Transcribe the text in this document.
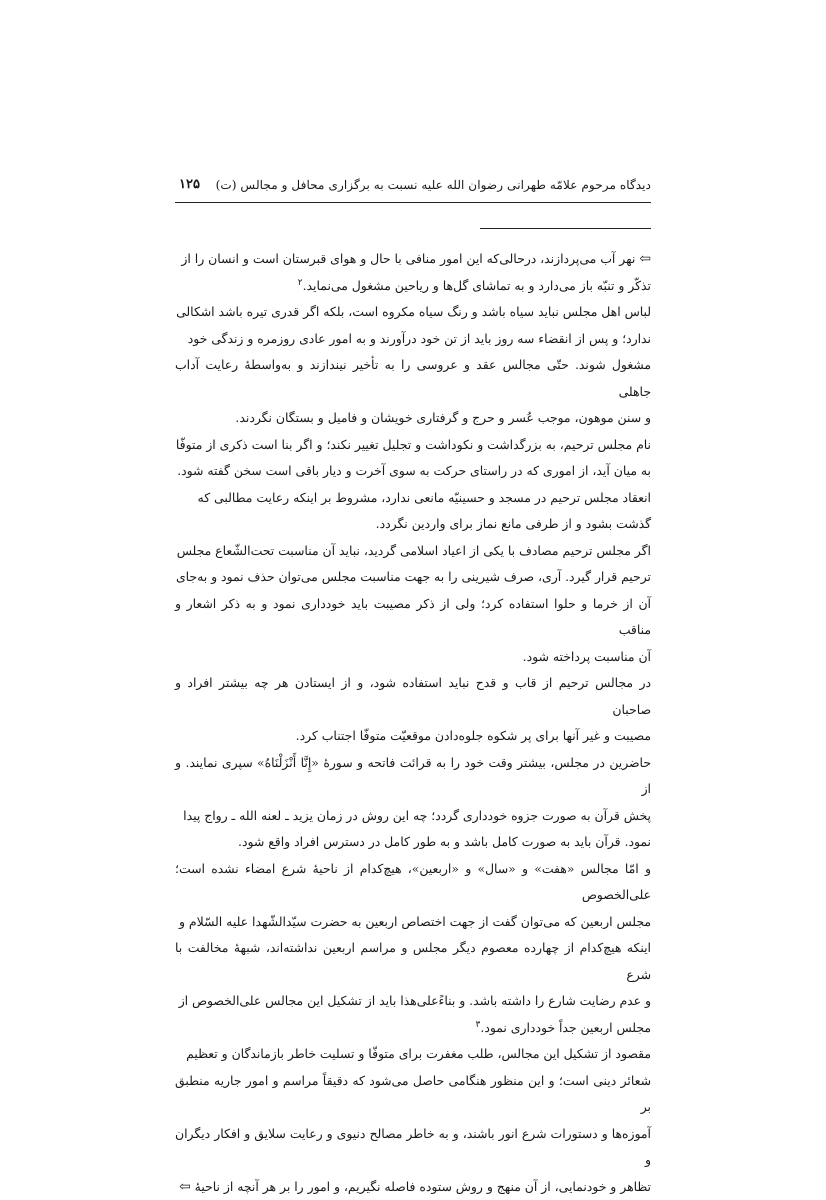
دیدگاه مرحوم علامّه طهرانی رضوان الله علیه نسبت به برگزاری محافل و مجالس (ت)
۱۲۵

⇦ نهر آب می‌پردازند، درحالی‌که این امور منافی با حال و هوای قبرستان است و انسان را از

تذکّر و تنبّه باز می‌دارد و به تماشای گل‌ها و ریاحین مشغول می‌نماید.$^۲$

لباس اهل مجلس نباید سیاه باشد و رنگ سیاه مکروه است، بلکه اگر قدری تیره باشد اشکالی

ندارد؛ و پس از انقضاء سه روز باید از تن خود درآورند و به امور عادی روزمره و زندگی خود

مشغول شوند. حتّی مجالس عقد و عروسی را به تأخیر نیندازند و به‌واسطهٔ رعایت آداب جاهلی

و سنن موهون، موجب عُسر و حرج و گرفتاری خویشان و فامیل و بستگان نگردند.

نام مجلس ترحیم، به بزرگداشت و نکوداشت و تجلیل تغییر نکند؛ و اگر بنا است ذکری از متوفّا

به میان آید، از اموری که در راستای حرکت به سوی آخرت و دیار باقی است سخن گفته شود.

انعقاد مجلس ترحیم در مسجد و حسینیّه مانعی ندارد، مشروط بر اینکه رعایت مطالبی که

گذشت بشود و از طرفی مانع نماز برای واردین نگردد.

اگر مجلس ترحیم مصادف با یکی از اعیاد اسلامی گردید، نباید آن مناسبت تحت‌الشّعاع مجلس

ترحیم قرار گیرد. آری، صرف شیرینی را به جهت مناسبت مجلس می‌توان حذف نمود و به‌جای

آن از خرما و حلوا استفاده کرد؛ ولی از ذکر مصیبت باید خودداری نمود و به ذکر اشعار و مناقب

آن مناسبت پرداخته شود.

در مجالس ترحیم از قاب و قدح نباید استفاده شود، و از ایستادن هر چه بیشتر افراد و صاحبان

مصیبت و غیر آنها برای پر شکوه جلوه‌دادن موقعیّت متوفّا اجتناب کرد.

حاضرین در مجلس، بیشتر وقت خود را به قرائت فاتحه و سورهٔ «إِنَّا أَنْزَلْنَاهُ» سپری نمایند. و از

پخش قرآن به صورت جزوه خودداری گردد؛ چه این روش در زمان یزید ـ لعنه الله ـ رواج پیدا

نمود. قرآن باید به صورت کامل باشد و به طور کامل در دسترس افراد واقع شود.

و امّا مجالس «هفت» و «سال» و «اربعین»، هیچ‌کدام از ناحیهٔ شرع امضاء نشده است؛ علی‌الخصوص

مجلس اربعین که می‌توان گفت از جهت اختصاص اربعین به حضرت سیّدالشّهدا علیه السّلام و

اینکه هیچ‌کدام از چهارده معصوم دیگر مجلس و مراسم اربعین نداشته‌اند، شبههٔ مخالفت با شرع

و عدم رضایت شارع را داشته باشد. و بناءً‌علی‌هذا باید از تشکیل این مجالس علی‌الخصوص از

مجلس اربعین جداً خودداری نمود.$^۳$

مقصود از تشکیل این مجالس، طلب مغفرت برای متوفّا و تسلیت خاطر بازماندگان و تعظیم

شعائر دینی است؛ و این منظور هنگامی حاصل می‌شود که دقیقاً مراسم و امور جاریه منطبق بر

آموزه‌ها و دستورات شرع انور باشند، و به خاطر مصالح دنیوی و رعایت سلایق و افکار دیگران و

تظاهر و خودنمایی، از آن منهج و روش ستوده فاصله نگیریم، و امور را بر هر آنچه از ناحیهٔ ⇦
